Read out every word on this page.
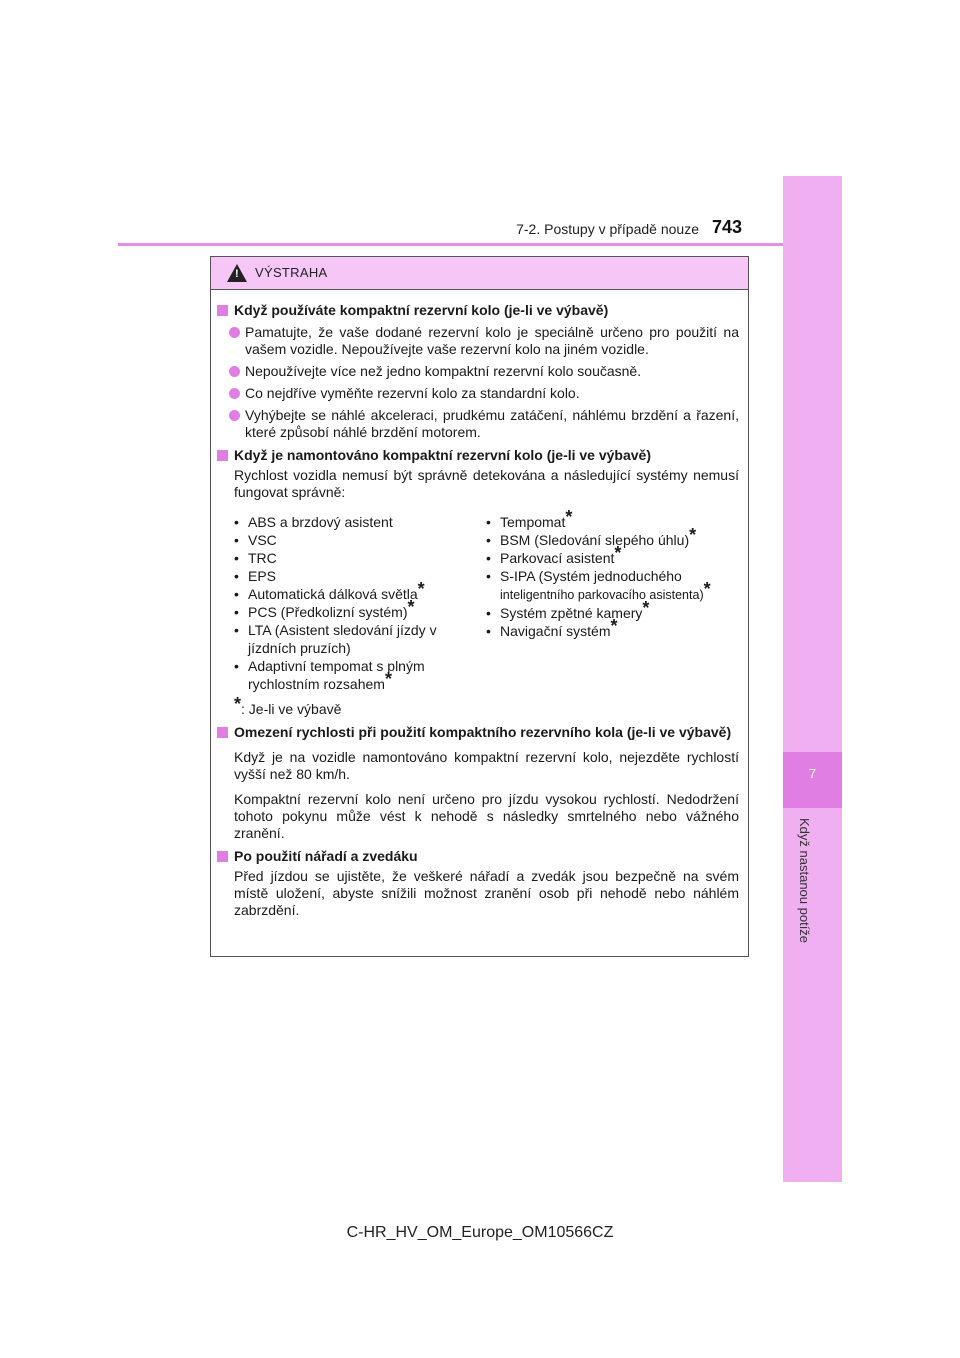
7
Když nastanou potíže
7-2. Postupy v případě nouze 743
! VÝSTRAHA
Když používáte kompaktní rezervní kolo (je-li ve výbavě)
Pamatujte, že vaše dodané rezervní kolo je speciálně určeno pro použití na vašem vozidle. Nepoužívejte vaše rezervní kolo na jiném vozidle.
Nepoužívejte více než jedno kompaktní rezervní kolo současně.
Co nejdříve vyměňte rezervní kolo za standardní kolo.
Vyhýbejte se náhlé akceleraci, prudkému zatáčení, náhlému brzdění a řazení, které způsobí náhlé brzdění motorem.
Když je namontováno kompaktní rezervní kolo (je-li ve výbavě)
Rychlost vozidla nemusí být správně detekována a následující systémy nemusí fungovat správně:
• ABS a brzdový asistent
• VSC
• TRC
• EPS
• Automatická dálková světla*
• PCS (Předkolizní systém)*
• LTA (Asistent sledování jízdy v jízdních pruzích)
• Adaptivní tempomat s plným rychlostním rozsahem*
• Tempomat*
• BSM (Sledování slepého úhlu)*
• Parkovací asistent*
• S-IPA (Systém jednoduchého
inteligentního parkovacího asistenta)*
• Systém zpětné kamery*
• Navigační systém*
*: Je-li ve výbavě
Omezení rychlosti při použití kompaktního rezervního kola (je-li ve výbavě)
Když je na vozidle namontováno kompaktní rezervní kolo, nejezděte rychlostí vyšší než 80 km/h.
Kompaktní rezervní kolo není určeno pro jízdu vysokou rychlostí. Nedodržení tohoto pokynu může vést k nehodě s následky smrtelného nebo vážného zranění.
Po použití nářadí a zvedáku
Před jízdou se ujistěte, že veškeré nářadí a zvedák jsou bezpečně na svém místě uložení, abyste snížili možnost zranění osob při nehodě nebo náhlém zabrzdění.
C-HR_HV_OM_Europe_OM10566CZ
